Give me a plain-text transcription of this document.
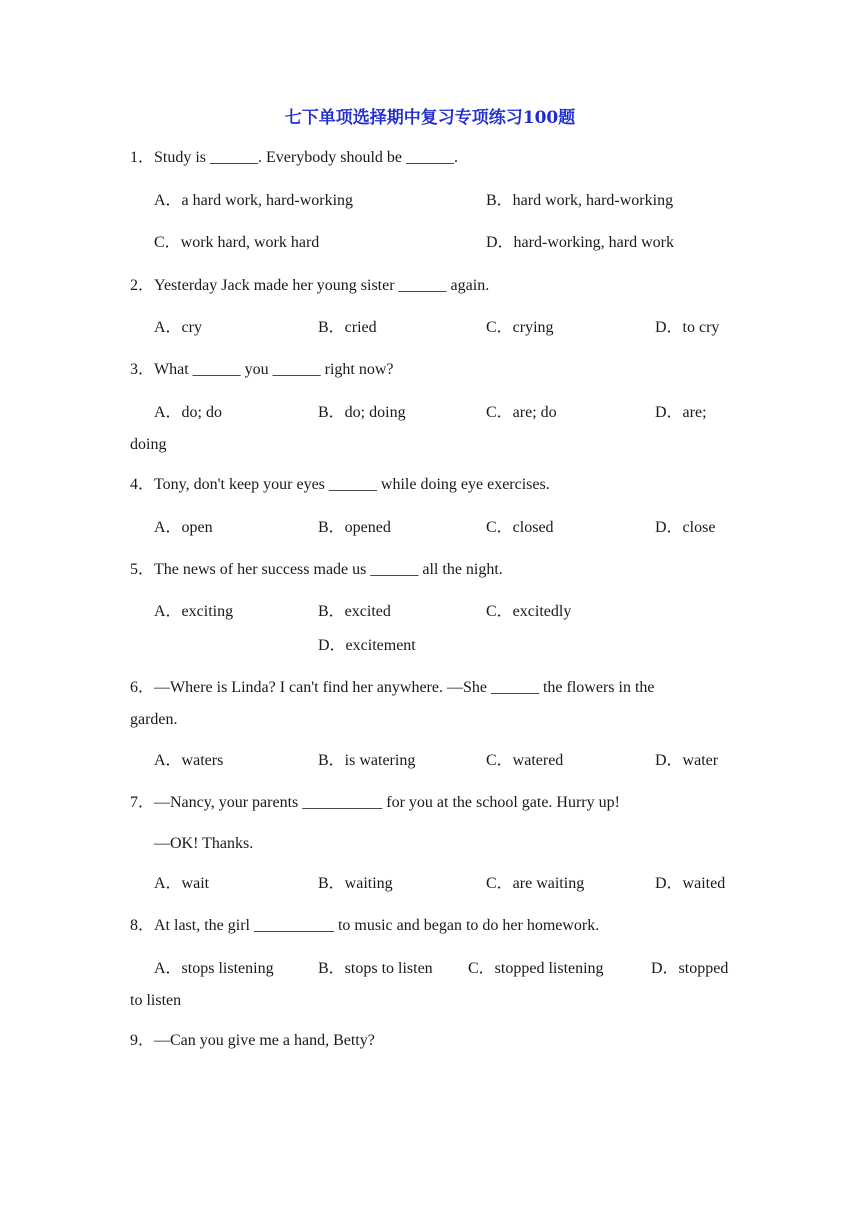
七下单项选择期中复习专项练习100题
1．Study is ______. Everybody should be ______.
A．a hard work, hard-working	B．hard work, hard-working
C．work hard, work hard	D．hard-working, hard work
2．Yesterday Jack made her young sister ______ again.
A．cry	B．cried	C．crying	D．to cry
3．What ______ you ______ right now?
A．do; do	B．do; doing	C．are; do	D．are;
doing
4．Tony, don't keep your eyes ______ while doing eye exercises.
A．open	B．opened	C．closed	D．close
5．The news of her success made us ______ all the night.
A．exciting	B．excited	C．excitedly
D．excitement
6．—Where is Linda? I can't find her anywhere. —She ______ the flowers in the
garden.
A．waters	B．is watering	C．watered	D．water
7．—Nancy, your parents __________ for you at the school gate. Hurry up!
—OK! Thanks.
A．wait	B．waiting	C．are waiting	D．waited
8．At last, the girl __________ to music and began to do her homework.
A．stops listening	B．stops to listen C．stopped listening	D．stopped
to listen
9．—Can you give me a hand, Betty?
